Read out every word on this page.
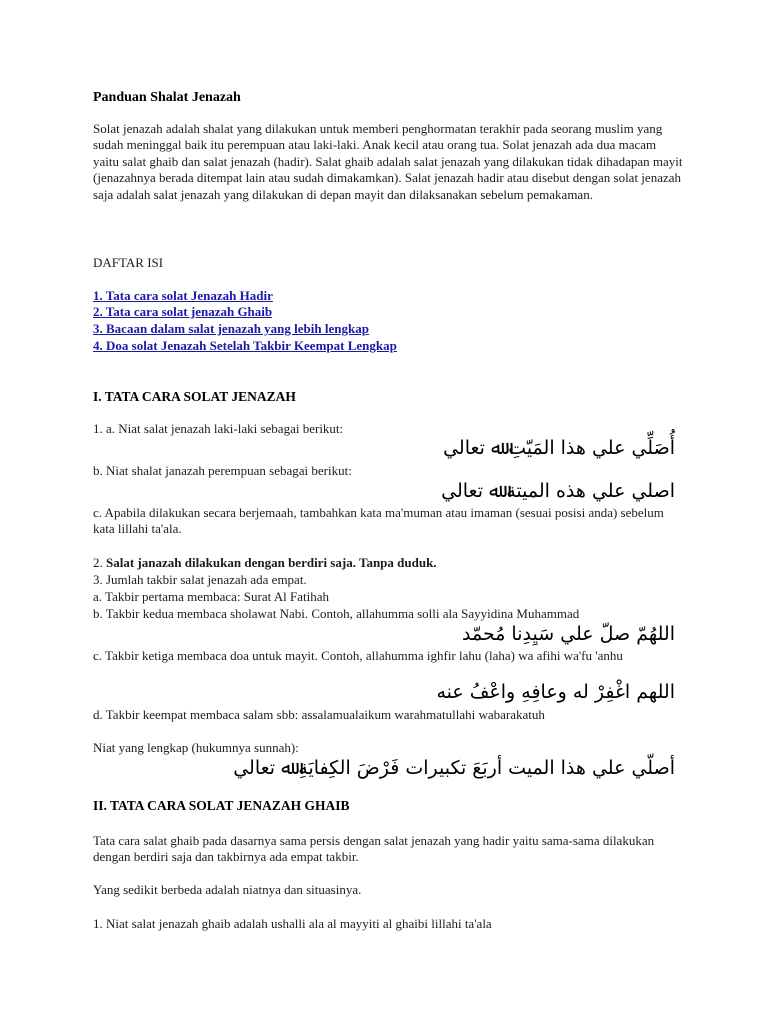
Panduan Shalat Jenazah
Solat jenazah adalah shalat yang dilakukan untuk memberi penghormatan terakhir pada seorang muslim yang sudah meninggal baik itu perempuan atau laki-laki. Anak kecil atau orang tua. Solat jenazah ada dua macam yaitu salat ghaib dan salat jenazah (hadir). Salat ghaib adalah salat jenazah yang dilakukan tidak dihadapan mayit (jenazahnya berada ditempat lain atau sudah dimakamkan). Salat jenazah hadir atau disebut dengan solat jenazah saja adalah salat jenazah yang dilakukan di depan mayit dan dilaksanakan sebelum pemakaman.
DAFTAR ISI
1. Tata cara solat Jenazah Hadir
2. Tata cara solat jenazah Ghaib
3. Bacaan dalam salat jenazah yang lebih lengkap
4. Doa solat Jenazah Setelah Takbir Keempat Lengkap
I. TATA CARA SOLAT JENAZAH
1. a. Niat salat jenazah laki-laki sebagai berikut:
أُصَلِّي علي هذا المَيّتِ ﷲ تعالي
b. Niat shalat janazah perempuan sebagai berikut:
اصلي علي هذه الميتة ﷲ تعالي
c. Apabila dilakukan secara berjemaah, tambahkan kata ma'muman atau imaman (sesuai posisi anda) sebelum kata lillahi ta'ala.
2. Salat janazah dilakukan dengan berdiri saja. Tanpa duduk.
3. Jumlah takbir salat jenazah ada empat.
a. Takbir pertama membaca: Surat Al Fatihah
b. Takbir kedua membaca sholawat Nabi. Contoh, allahumma solli ala Sayyidina Muhammad
اللهُمّ صلّ علي سَيِدِنا مُحمّد
c. Takbir ketiga membaca doa untuk mayit. Contoh, allahumma ighfir lahu (laha) wa afihi wa'fu 'anhu
اللهم اغْفِرْ له وعافِهِ واعْفُ عنه
d. Takbir keempat membaca salam sbb: assalamualaikum warahmatullahi wabarakatuh
Niat yang lengkap (hukumnya sunnah):
أصلّي علي هذا الميت أربَعَ تكبيرات فَرْضَ الكِفايَةِ ﷲ تعالي
II. TATA CARA SOLAT JENAZAH GHAIB
Tata cara salat ghaib pada dasarnya sama persis dengan salat jenazah yang hadir yaitu sama-sama dilakukan dengan berdiri saja dan takbirnya ada empat takbir.
Yang sedikit berbeda adalah niatnya dan situasinya.
1. Niat salat jenazah ghaib adalah ushalli ala al mayyiti al ghaibi lillahi ta'ala
